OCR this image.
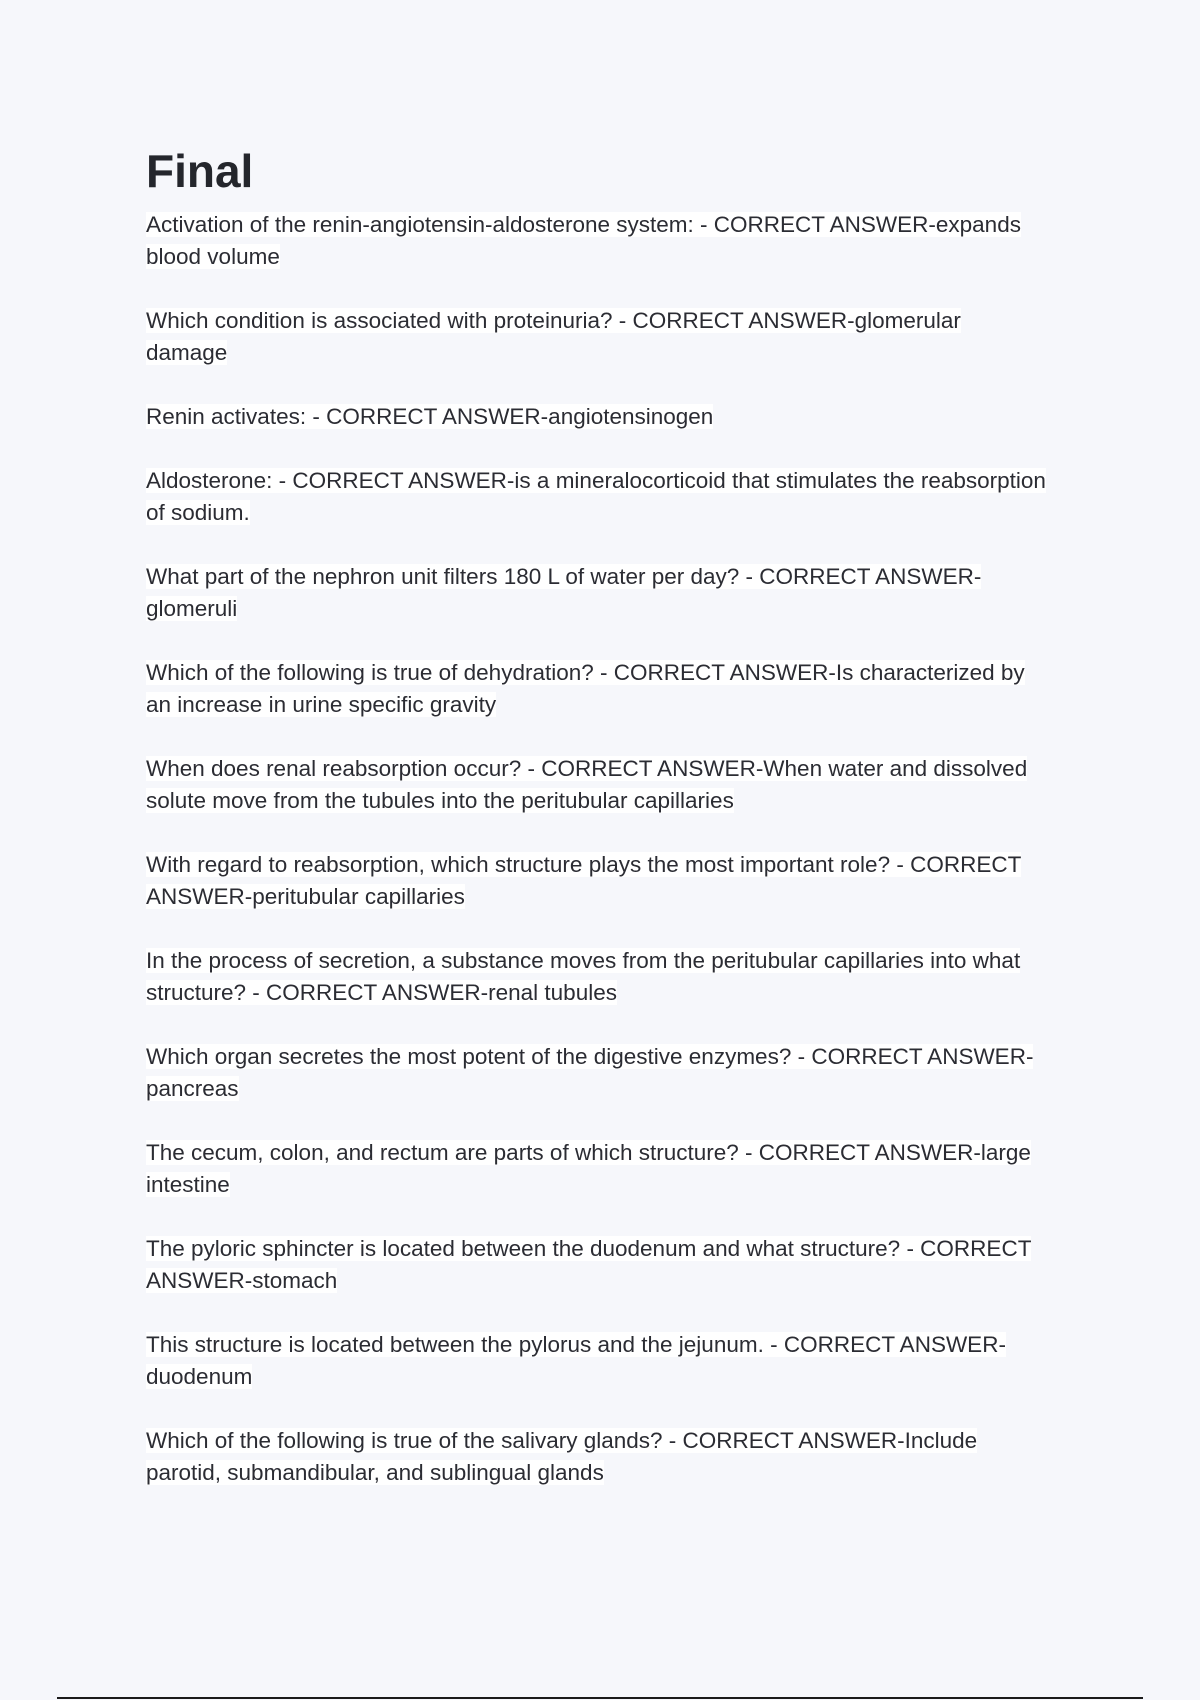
Final
Activation of the renin-angiotensin-aldosterone system: - CORRECT ANSWER-expands blood volume
Which condition is associated with proteinuria? - CORRECT ANSWER-glomerular damage
Renin activates: - CORRECT ANSWER-angiotensinogen
Aldosterone: - CORRECT ANSWER-is a mineralocorticoid that stimulates the reabsorption of sodium.
What part of the nephron unit filters 180 L of water per day? - CORRECT ANSWER-glomeruli
Which of the following is true of dehydration? - CORRECT ANSWER-Is characterized by an increase in urine specific gravity
When does renal reabsorption occur? - CORRECT ANSWER-When water and dissolved solute move from the tubules into the peritubular capillaries
With regard to reabsorption, which structure plays the most important role? - CORRECT ANSWER-peritubular capillaries
In the process of secretion, a substance moves from the peritubular capillaries into what structure? - CORRECT ANSWER-renal tubules
Which organ secretes the most potent of the digestive enzymes? - CORRECT ANSWER-pancreas
The cecum, colon, and rectum are parts of which structure? - CORRECT ANSWER-large intestine
The pyloric sphincter is located between the duodenum and what structure? - CORRECT ANSWER-stomach
This structure is located between the pylorus and the jejunum. - CORRECT ANSWER-duodenum
Which of the following is true of the salivary glands? - CORRECT ANSWER-Include parotid, submandibular, and sublingual glands
